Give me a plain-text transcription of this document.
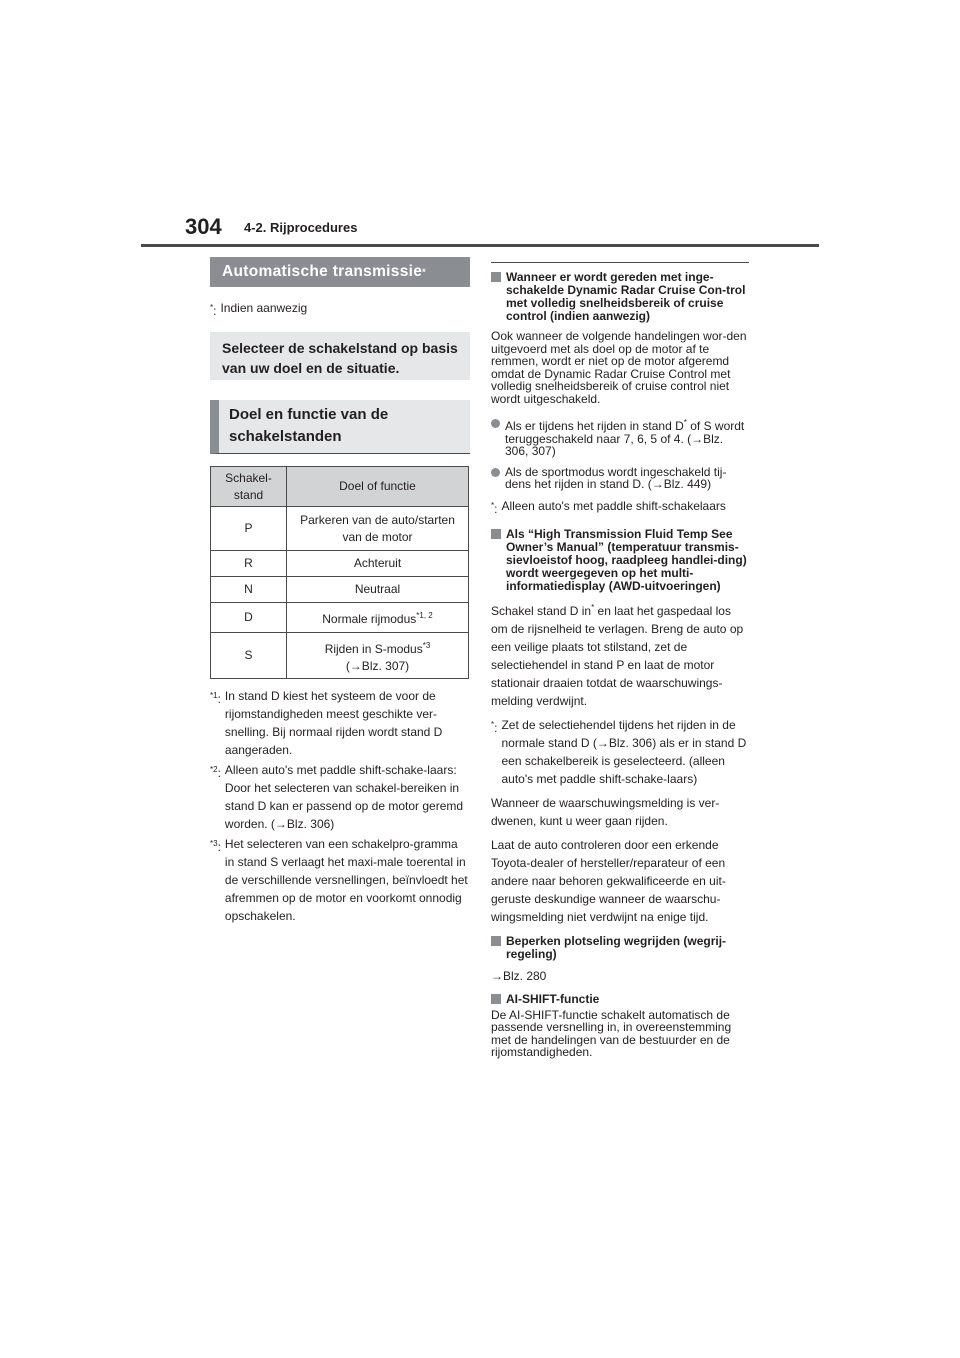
304 4-2. Rijprocedures
Automatische transmissie *
*: Indien aanwezig

Selecteer de schakelstand op basis van uw doel en de situatie.

Doel en functie van de schakelstanden

Schakel- stand	Doel of functie
P	Parkeren van de auto/starten van de motor
R	Achteruit
N	Neutraal
D	Normale rijmodus$^{*1, 2}$
S	Rijden in S-modus$^{*3}$
(→Blz. 307)
$^{*1}$: In stand D kiest het systeem de voor de rijomstandigheden meest geschikte ver-snelling. Bij normaal rijden wordt stand D aangeraden.
$^{*2}$: Alleen auto's met paddle shift-schake-laars: Door het selecteren van schakel-bereiken in stand D kan er passend op de motor geremd worden. (→Blz. 306)
$^{*3}$: Het selecteren van een schakelpro-gramma in stand S verlaagt het maxi-male toerental in de verschillende versnellingen, beïnvloedt het afremmen op de motor en voorkomt onnodig opschakelen.
Wanneer er wordt gereden met inge-schakelde Dynamic Radar Cruise Con-trol met volledig snelheidsbereik of cruise control (indien aanwezig)

Ook wanneer de volgende handelingen wor-den uitgevoerd met als doel op de motor af te remmen, wordt er niet op de motor afgeremd omdat de Dynamic Radar Cruise Control met volledig snelheidsbereik of cruise control niet wordt uitgeschakeld.

Als er tijdens het rijden in stand D* of S wordt teruggeschakeld naar 7, 6, 5 of 4. (→Blz. 306, 307)
Als de sportmodus wordt ingeschakeld tij-dens het rijden in stand D. (→Blz. 449)
*: Alleen auto's met paddle shift-schakelaars
Als “High Transmission Fluid Temp See Owner’s Manual” (temperatuur transmis-sievloeistof hoog, raadpleeg handlei-ding) wordt weergegeven op het multi-informatiedisplay (AWD-uitvoeringen)

Schakel stand D in* en laat het gaspedaal los om de rijsnelheid te verlagen. Breng de auto op een veilige plaats tot stilstand, zet de selectiehendel in stand P en laat de motor stationair draaien totdat de waarschuwings-melding verdwijnt.

*: Zet de selectiehendel tijdens het rijden in de normale stand D (→Blz. 306) als er in stand D een schakelbereik is geselecteerd. (alleen auto's met paddle shift-schake-laars)

Wanneer de waarschuwingsmelding is ver-dwenen, kunt u weer gaan rijden.

Laat de auto controleren door een erkende Toyota-dealer of hersteller/reparateur of een andere naar behoren gekwalificeerde en uit-geruste deskundige wanneer de waarschu-wingsmelding niet verdwijnt na enige tijd.

Beperken plotseling wegrijden (wegrij-regeling)

→Blz. 280

AI-SHIFT-functie

De AI-SHIFT-functie schakelt automatisch de passende versnelling in, in overeenstemming met de handelingen van de bestuurder en de rijomstandigheden.
